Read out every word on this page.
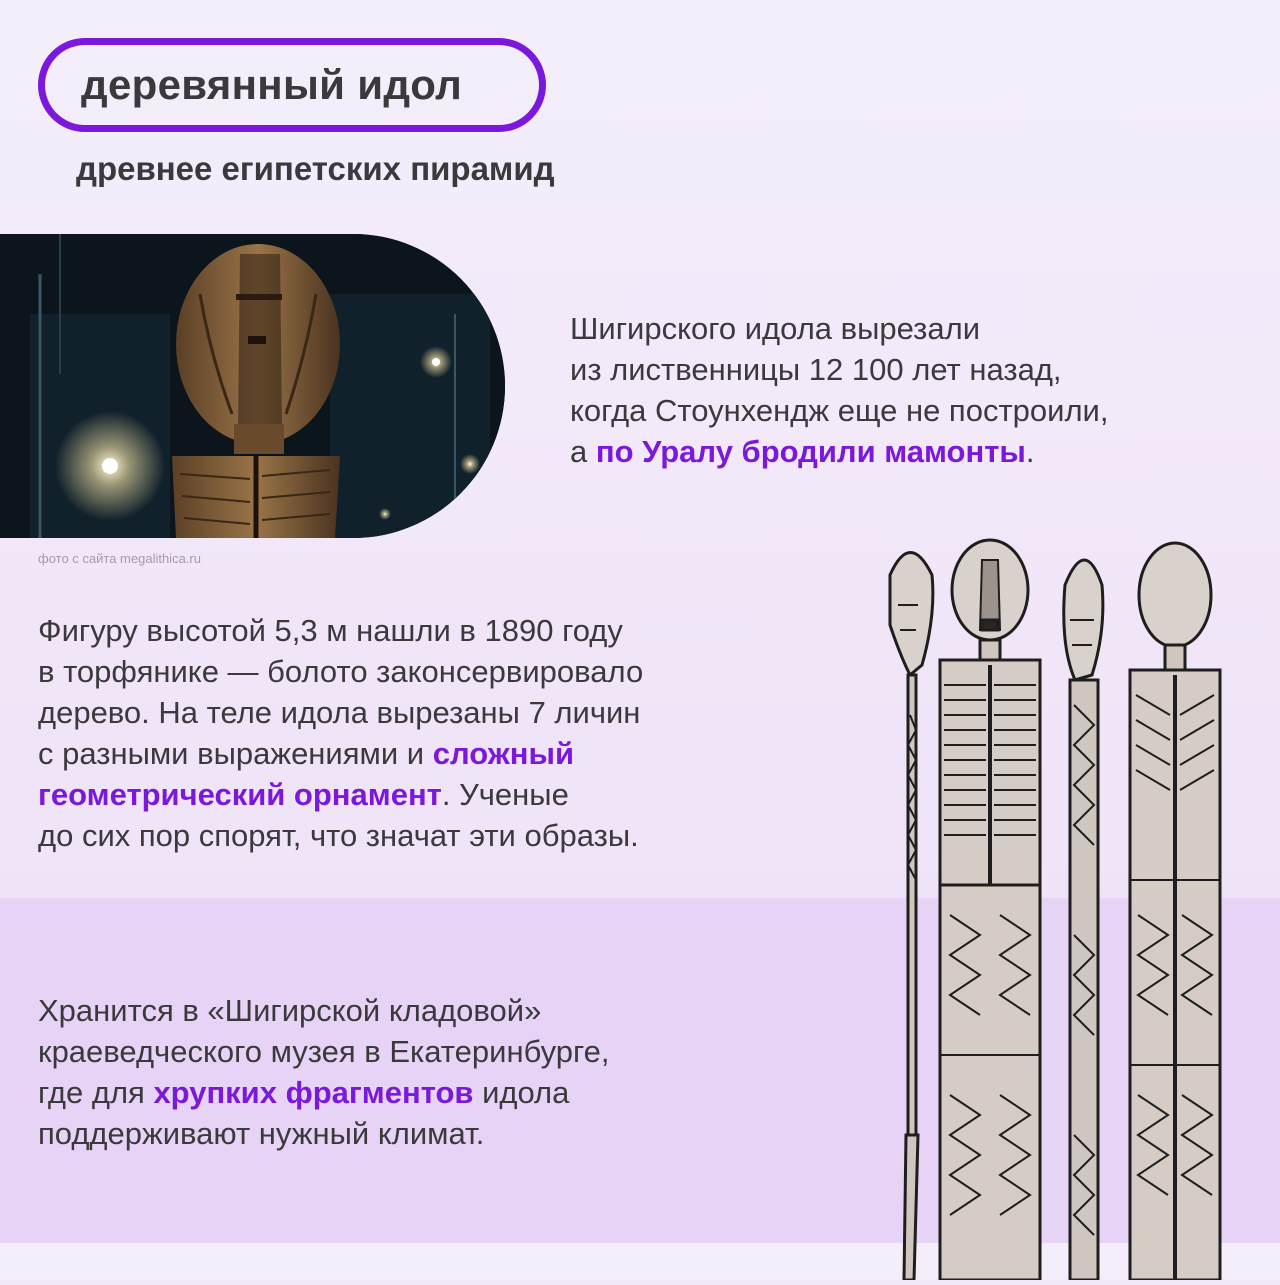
деревянный идол
древнее египетских пирамид
фото с сайта megalithica.ru
Шигирского идола вырезали
из лиственницы 12 100 лет назад,
когда Стоунхендж еще не построили,
а по Уралу бродили мамонты.
Фигуру высотой 5,3 м нашли в 1890 году
в торфянике — болото законсервировало
дерево. На теле идола вырезаны 7 личин
с разными выражениями и сложный
геометрический орнамент. Ученые
до сих пор спорят, что значат эти образы.
Хранится в «Шигирской кладовой»
краеведческого музея в Екатеринбурге,
где для хрупких фрагментов идола
поддерживают нужный климат.
